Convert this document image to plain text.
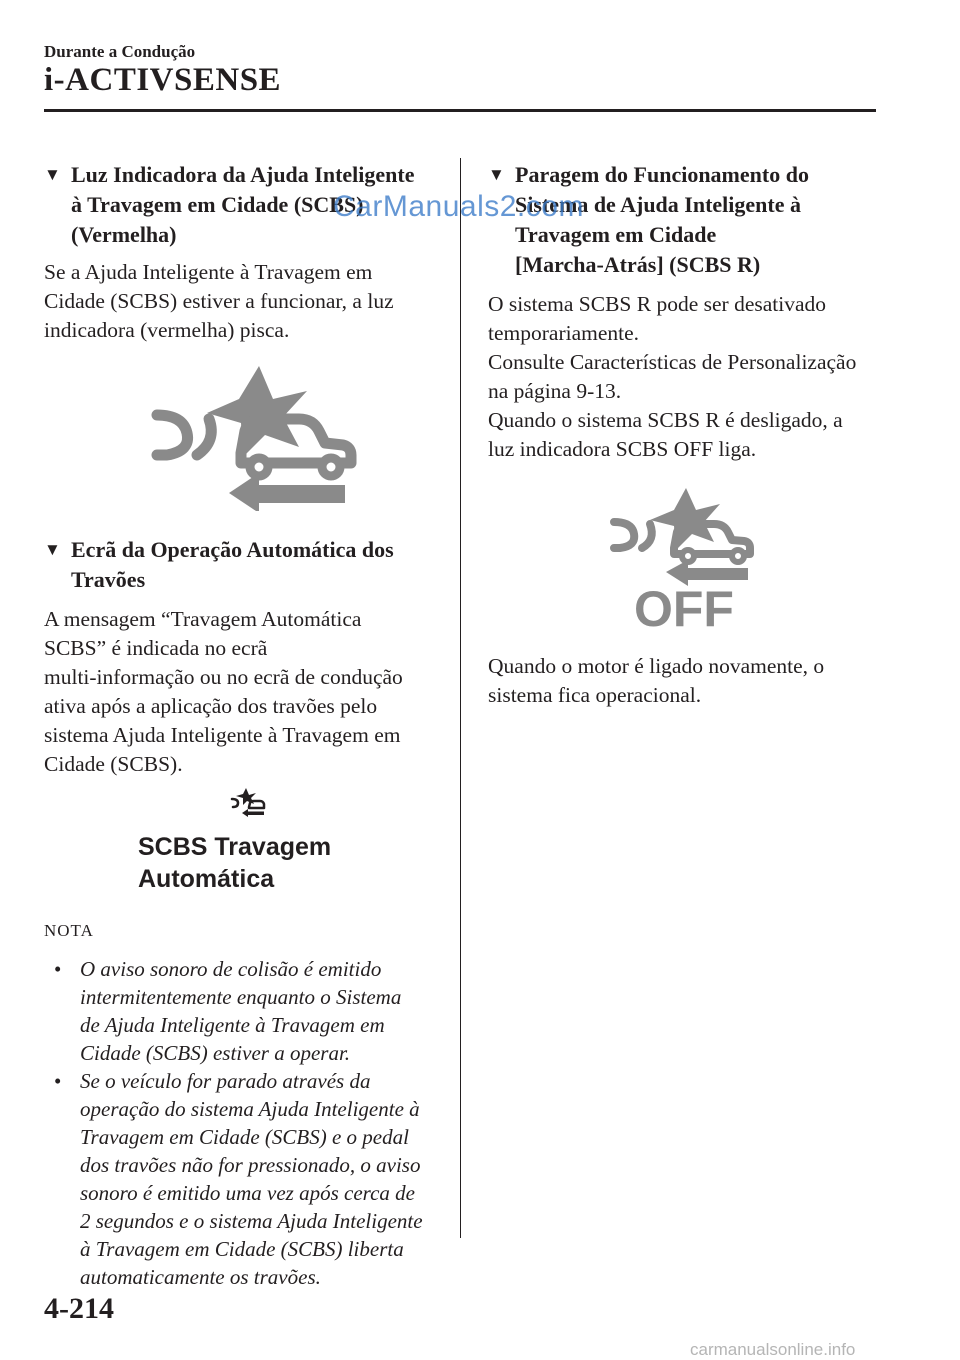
Durante a Condução
i-ACTIVSENSE
▼ Luz Indicadora da Ajuda Inteligente
à Travagem em Cidade (SCBS)
(Vermelha)
Se a Ajuda Inteligente à Travagem em
Cidade (SCBS) estiver a funcionar, a luz
indicadora (vermelha) pisca.
▼ Ecrã da Operação Automática dos
Travões
A mensagem “Travagem Automática
SCBS” é indicada no ecrã
multi-informação ou no ecrã de condução
ativa após a aplicação dos travões pelo
sistema Ajuda Inteligente à Travagem em
Cidade (SCBS).
SCBS Travagem
Automática
NOTA
• O aviso sonoro de colisão é emitido
intermitentemente enquanto o Sistema
de Ajuda Inteligente à Travagem em
Cidade (SCBS) estiver a operar.
• Se o veículo for parado através da
operação do sistema Ajuda Inteligente à
Travagem em Cidade (SCBS) e o pedal
dos travões não for pressionado, o aviso
sonoro é emitido uma vez após cerca de
2 segundos e o sistema Ajuda Inteligente
à Travagem em Cidade (SCBS) liberta
automaticamente os travões.
▼ Paragem do Funcionamento do
Sistema de Ajuda Inteligente à
Travagem em Cidade
[Marcha-Atrás] (SCBS R)
O sistema SCBS R pode ser desativado
temporariamente.
Consulte Características de Personalização
na página 9-13.
Quando o sistema SCBS R é desligado, a
luz indicadora SCBS OFF liga.
OFF
Quando o motor é ligado novamente, o
sistema fica operacional.
CarManuals2.com
4-214
carmanualsonline.info
